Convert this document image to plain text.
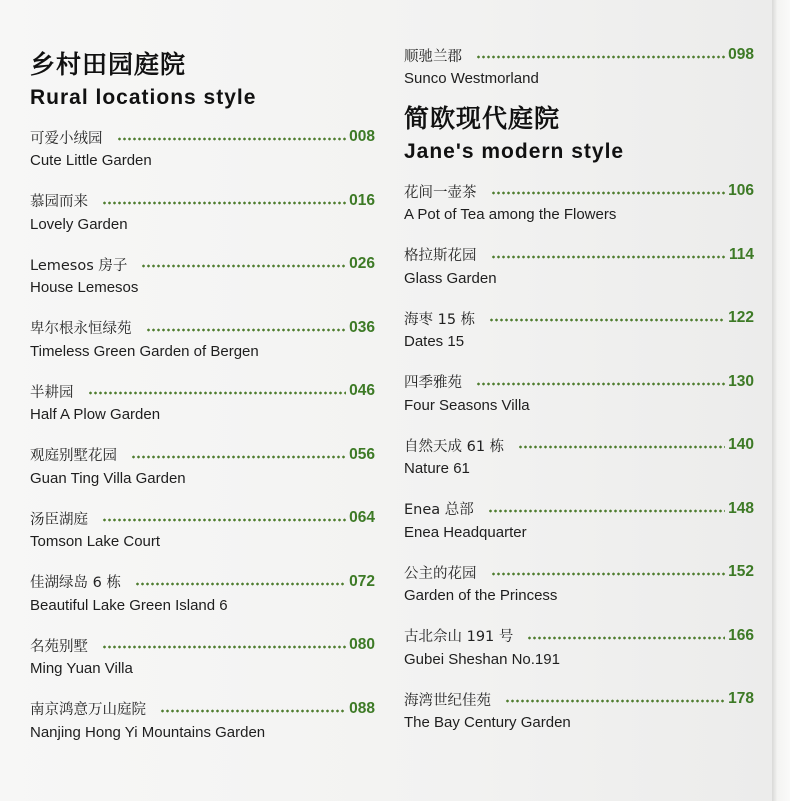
乡村田园庭院
Rural locations style
可爱小绒园	008
Cute Little Garden
慕园而来	016
Lovely Garden
Lemesos 房子	026
House Lemesos
卑尔根永恒绿苑	036
Timeless Green Garden of Bergen
半耕园	046
Half A Plow Garden
观庭别墅花园	056
Guan Ting Villa Garden
汤臣湖庭	064
Tomson Lake Court
佳湖绿岛 6 栋	072
Beautiful Lake Green Island 6
名苑别墅	080
Ming Yuan Villa
南京鸿意万山庭院	088
Nanjing Hong Yi Mountains Garden
顺驰兰郡	098
Sunco Westmorland
简欧现代庭院
Jane's modern style
花间一壶茶	106
A Pot of Tea among the Flowers
格拉斯花园	114
Glass Garden
海枣 15 栋	122
Dates 15
四季雅苑	130
Four Seasons Villa
自然天成 61 栋	140
Nature 61
Enea 总部	148
Enea Headquarter
公主的花园	152
Garden of the Princess
古北佘山 191 号	166
Gubei Sheshan No.191
海湾世纪佳苑	178
The Bay Century Garden
